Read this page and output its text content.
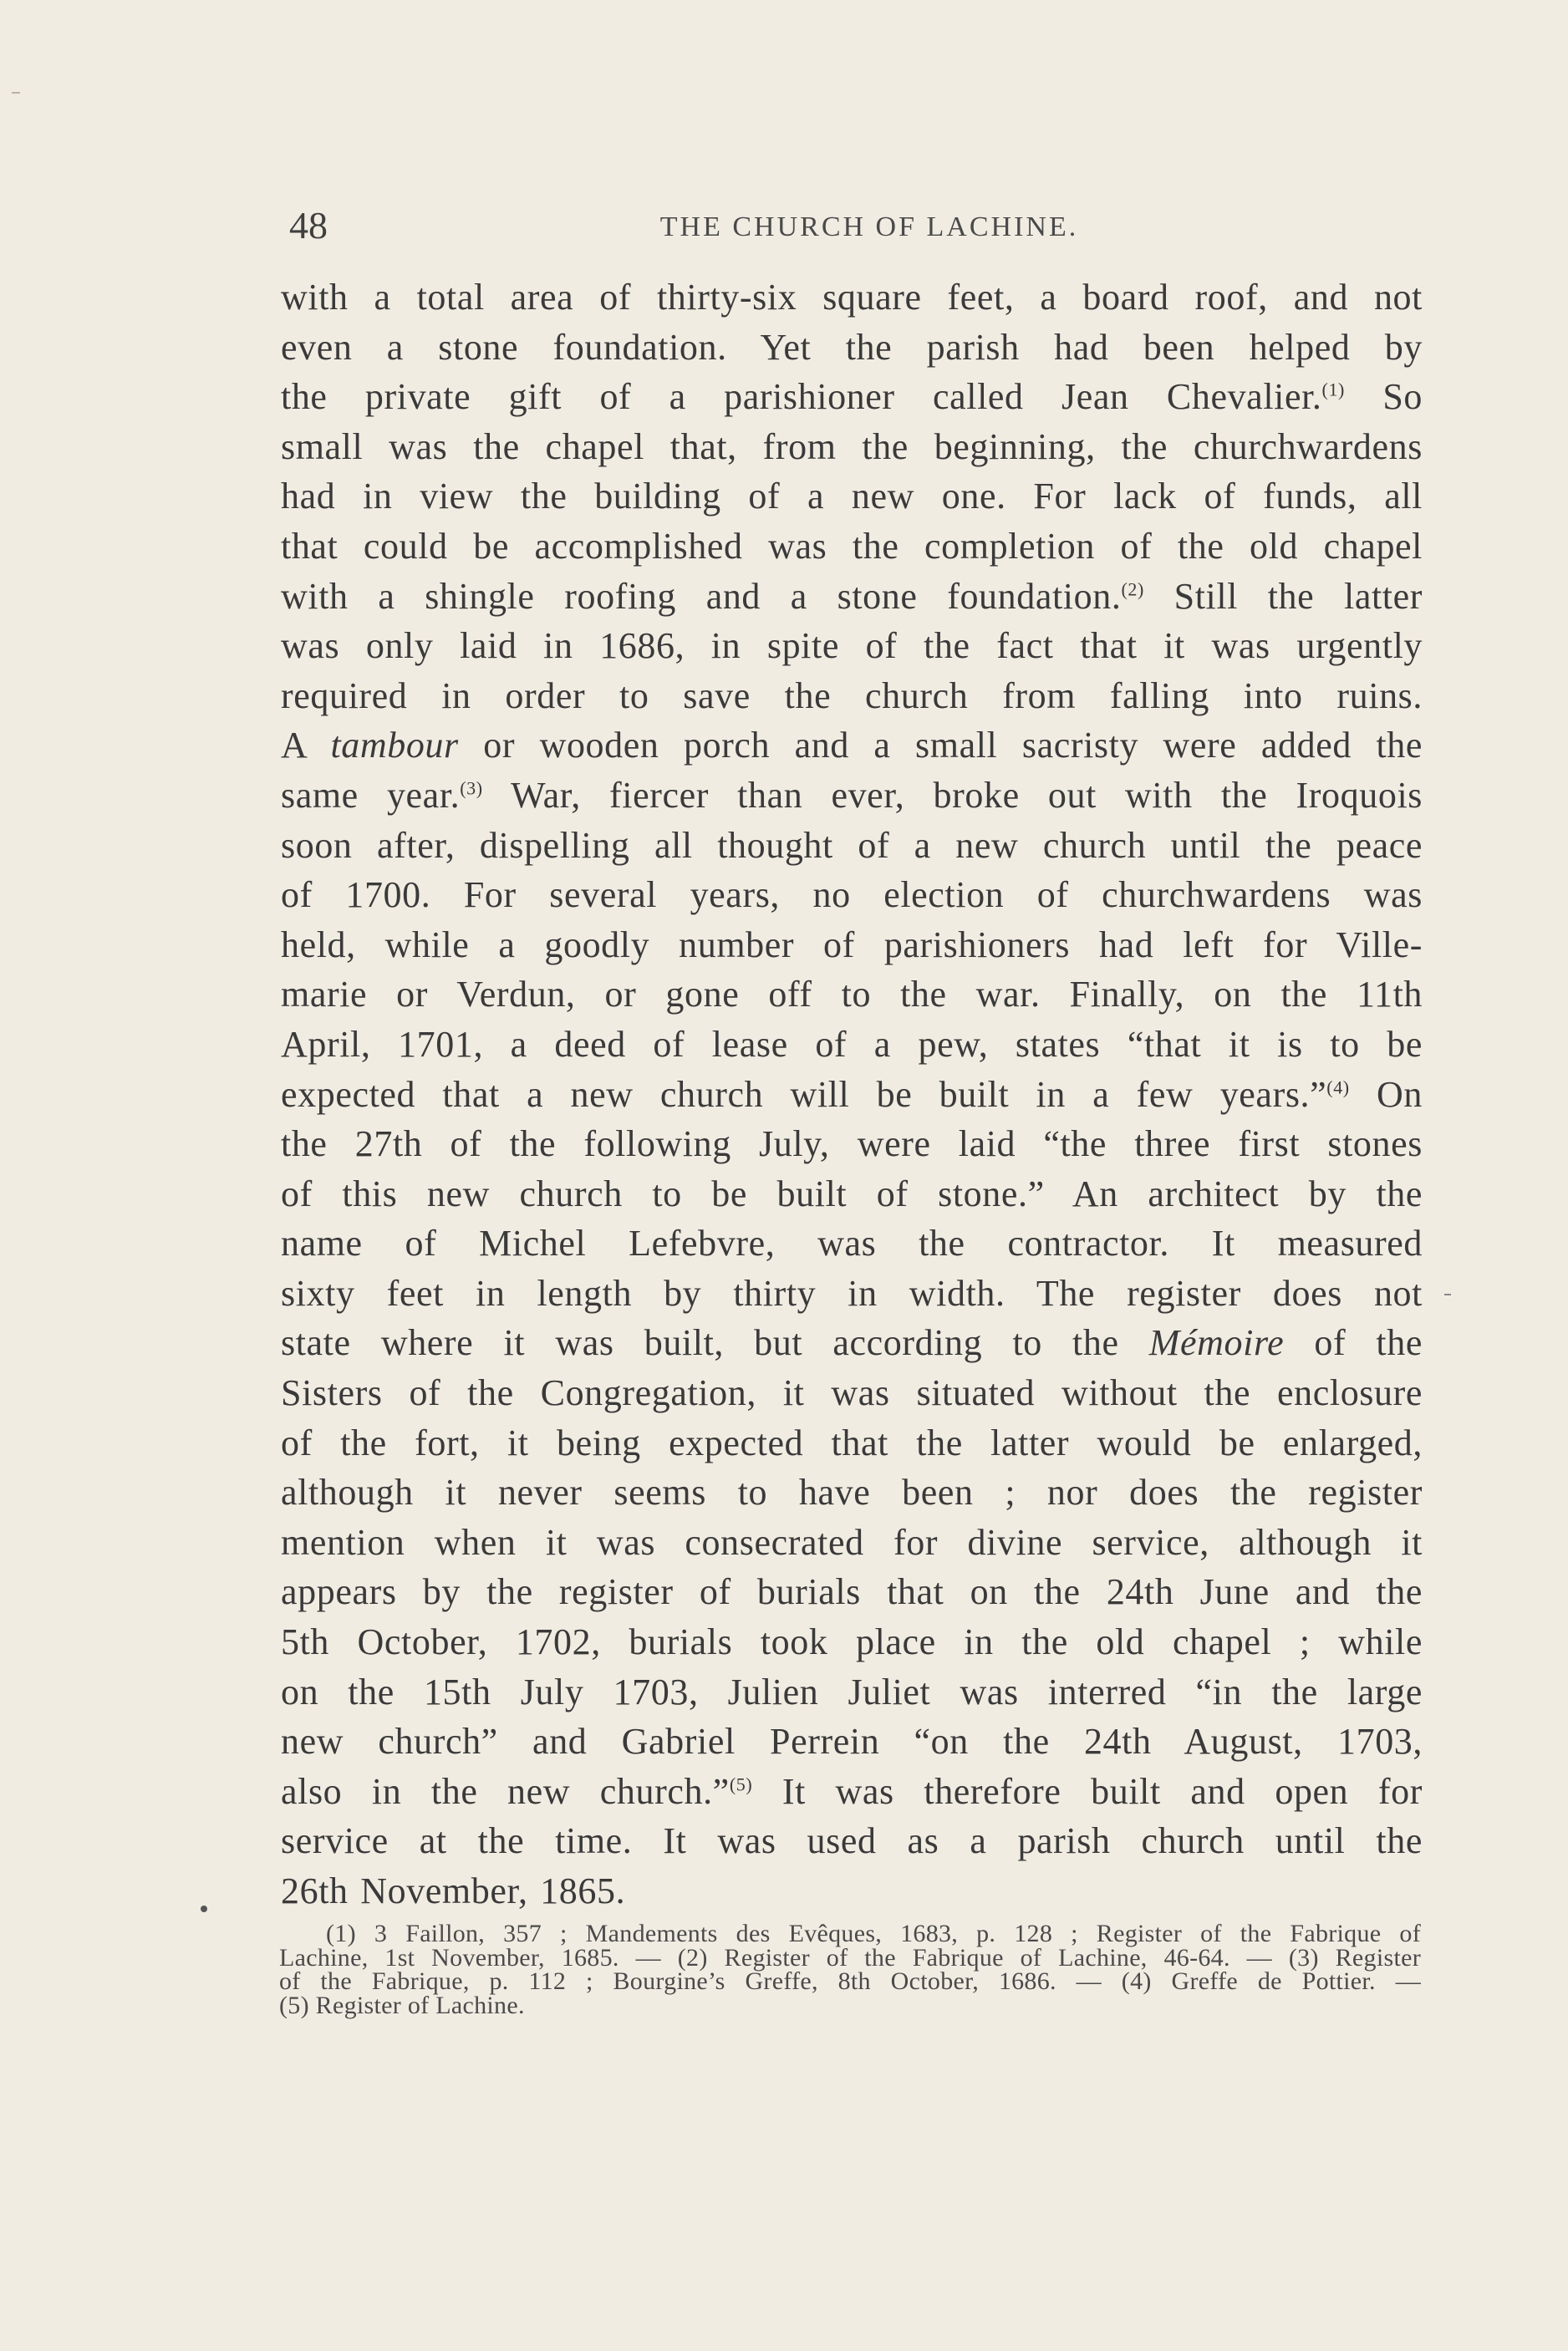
48	THE CHURCH OF LACHINE.
with a total area of thirty-six square feet, a board roof, and not
even a stone foundation. Yet the parish had been helped by
the private gift of a parishioner called Jean Chevalier.$^{(1)}$ So
small was the chapel that, from the beginning, the churchwardens
had in view the building of a new one. For lack of funds, all
that could be accomplished was the completion of the old chapel
with a shingle roofing and a stone foundation.$^{(2)}$ Still the latter
was only laid in 1686, in spite of the fact that it was urgently
required in order to save the church from falling into ruins.
A tambour or wooden porch and a small sacristy were added the
same year.$^{(3)}$ War, fiercer than ever, broke out with the Iroquois
soon after, dispelling all thought of a new church until the peace
of 1700. For several years, no election of churchwardens was
held, while a goodly number of parishioners had left for Ville-
marie or Verdun, or gone off to the war. Finally, on the 11th
April, 1701, a deed of lease of a pew, states “that it is to be
expected that a new church will be built in a few years.”$^{(4)}$ On
the 27th of the following July, were laid “the three first stones
of this new church to be built of stone.” An architect by the
name of Michel Lefebvre, was the contractor. It measured
sixty feet in length by thirty in width. The register does not
state where it was built, but according to the Mémoire of the
Sisters of the Congregation, it was situated without the enclosure
of the fort, it being expected that the latter would be enlarged,
although it never seems to have been ; nor does the register
mention when it was consecrated for divine service, although it
appears by the register of burials that on the 24th June and the
5th October, 1702, burials took place in the old chapel ; while
on the 15th July 1703, Julien Juliet was interred “in the large
new church” and Gabriel Perrein “on the 24th August, 1703,
also in the new church.”$^{(5)}$ It was therefore built and open for
service at the time. It was used as a parish church until the
26th November, 1865.
(1) 3 Faillon, 357 ; Mandements des Evêques, 1683, p. 128 ; Register of the Fabrique of
Lachine, 1st November, 1685. — (2) Register of the Fabrique of Lachine, 46-64. — (3) Register
of the Fabrique, p. 112 ; Bourgine’s Greffe, 8th October, 1686. — (4) Greffe de Pottier. —
(5) Register of Lachine.
